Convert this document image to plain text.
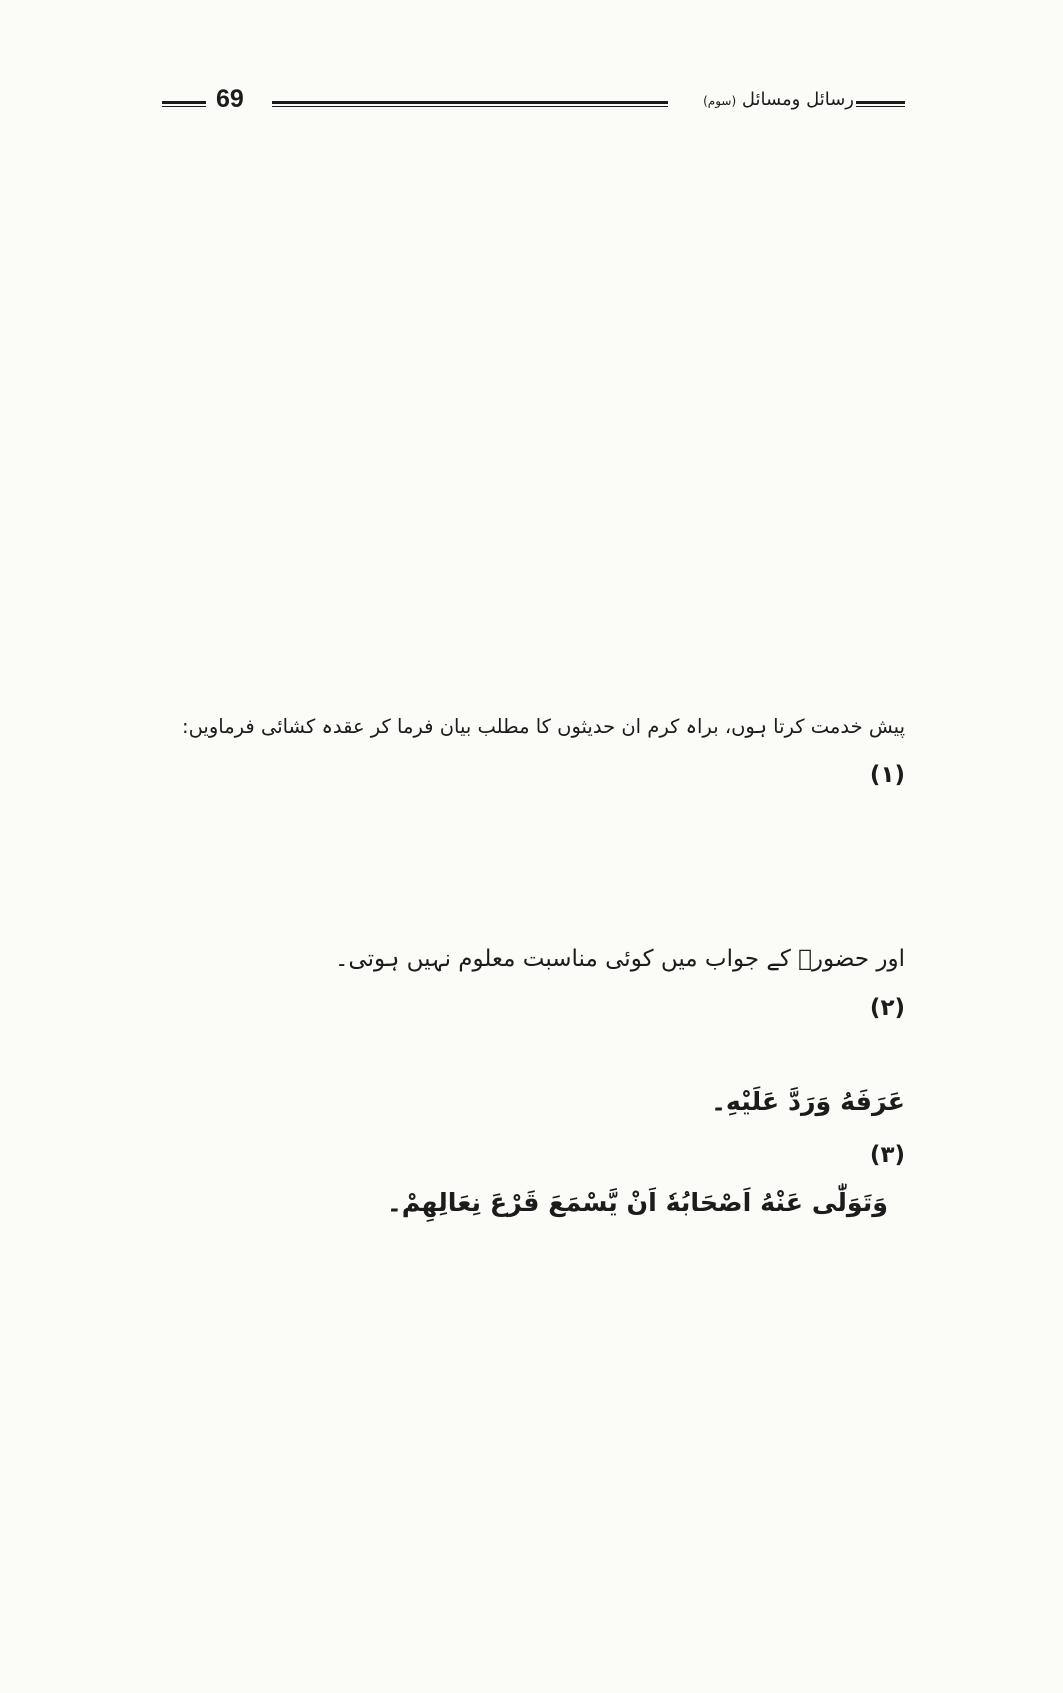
69	رسائل ومسائل (سوم)
پیش خدمت کرتا ہوں، براہ کرم ان حدیثوں کا مطلب بیان فرما کر عقدہ کشائی فرماویں:
(۱)
اور حضورؐ کے جواب میں کوئی مناسبت معلوم نہیں ہوتی۔
(۲)
عَرَفَهُ وَرَدَّ عَلَيْهِ۔
(۳)
وَتَوَلّٰى عَنْهُ اَصْحَابُهٗ اَنْ يَّسْمَعَ قَرْعَ نِعَالِهِمْ۔
